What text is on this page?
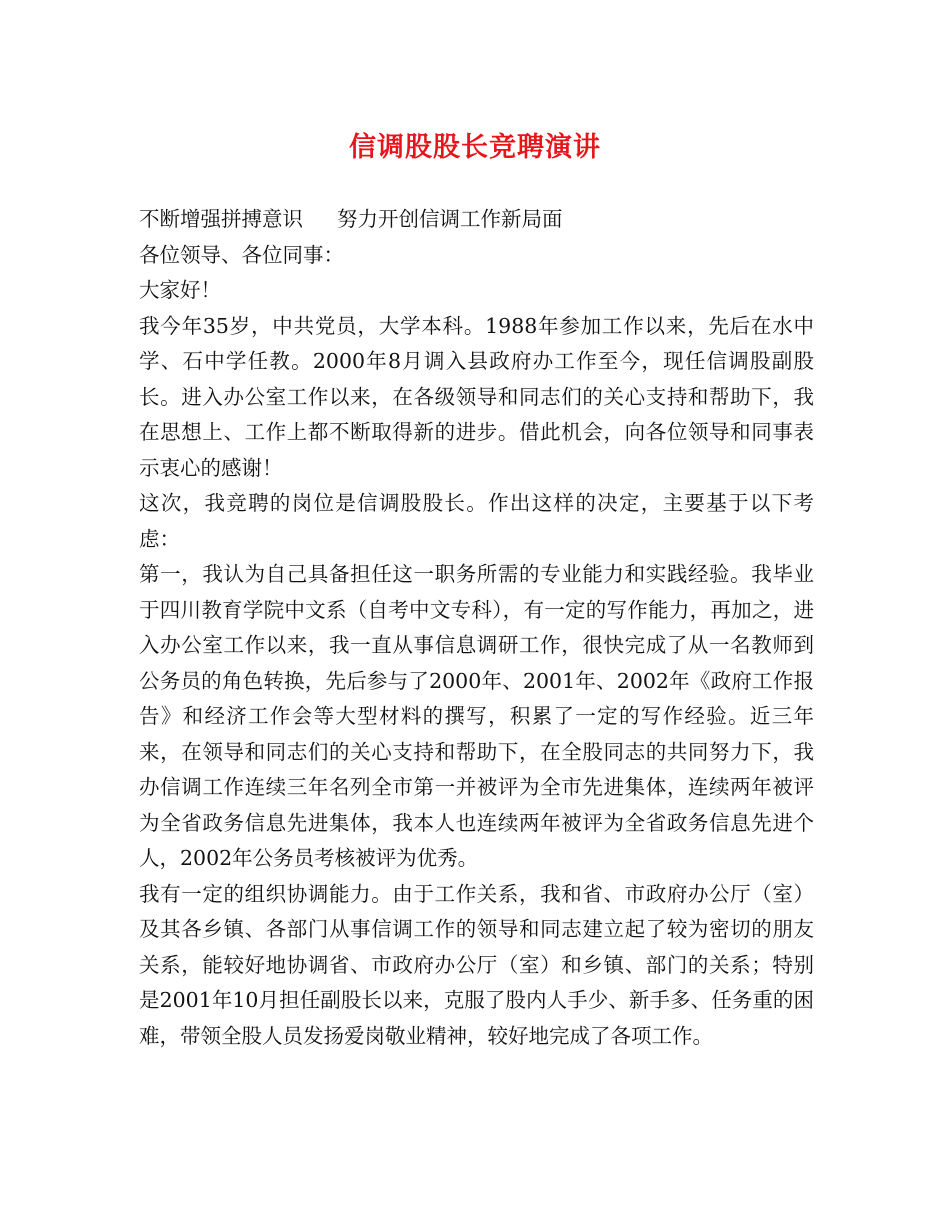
信调股股长竞聘演讲

不断增强拼搏意识 努力开创信调工作新局面

各位领导、各位同事：

大家好！

我今年35岁，中共党员，大学本科。1988年参加工作以来，先后在水中学、石中学任教。2000年8月调入县政府办工作至今，现任信调股副股长。进入办公室工作以来，在各级领导和同志们的关心支持和帮助下，我在思想上、工作上都不断取得新的进步。借此机会，向各位领导和同事表示衷心的感谢！

这次，我竞聘的岗位是信调股股长。作出这样的决定，主要基于以下考虑：

第一，我认为自己具备担任这一职务所需的专业能力和实践经验。我毕业于四川教育学院中文系（自考中文专科），有一定的写作能力，再加之，进入办公室工作以来，我一直从事信息调研工作，很快完成了从一名教师到公务员的角色转换，先后参与了2000年、2001年、2002年《政府工作报告》和经济工作会等大型材料的撰写，积累了一定的写作经验。近三年来，在领导和同志们的关心支持和帮助下，在全股同志的共同努力下，我办信调工作连续三年名列全市第一并被评为全市先进集体，连续两年被评为全省政务信息先进集体，我本人也连续两年被评为全省政务信息先进个人，2002年公务员考核被评为优秀。

我有一定的组织协调能力。由于工作关系，我和省、市政府办公厅（室）及其各乡镇、各部门从事信调工作的领导和同志建立起了较为密切的朋友关系，能较好地协调省、市政府办公厅（室）和乡镇、部门的关系；特别是2001年10月担任副股长以来，克服了股内人手少、新手多、任务重的困难，带领全股人员发扬爱岗敬业精神，较好地完成了各项工作。
